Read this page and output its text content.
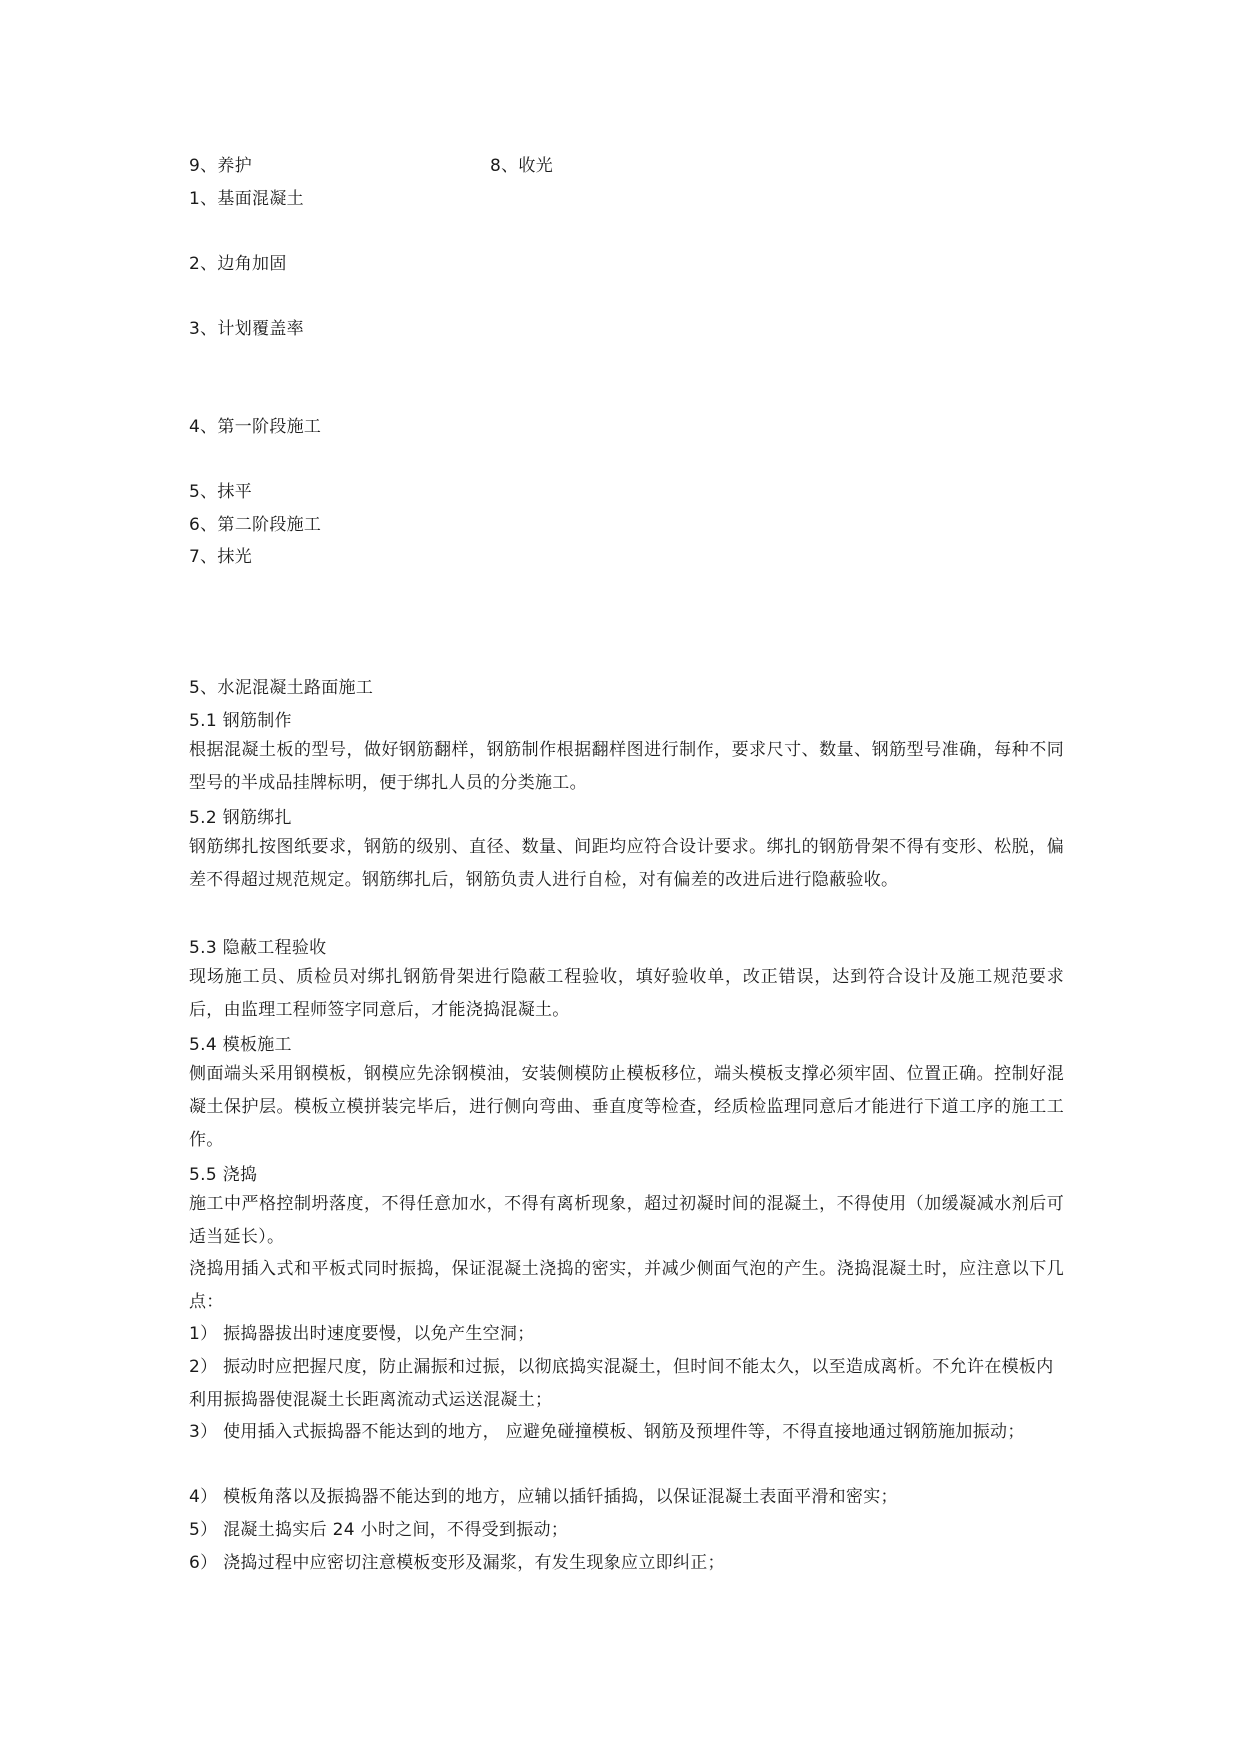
9、养护	8、收光
1、基面混凝土
2、边角加固
3、计划覆盖率
4、第一阶段施工
5、抹平
6、第二阶段施工
7、抹光
5、水泥混凝土路面施工
5.1 钢筋制作
根据混凝土板的型号，做好钢筋翻样，钢筋制作根据翻样图进行制作，要求尺寸、数量、钢筋型号准确，每种不同型号的半成品挂牌标明，便于绑扎人员的分类施工。
5.2 钢筋绑扎
钢筋绑扎按图纸要求，钢筋的级别、直径、数量、间距均应符合设计要求。绑扎的钢筋骨架不得有变形、松脱，偏差不得超过规范规定。钢筋绑扎后，钢筋负责人进行自检，对有偏差的改进后进行隐蔽验收。
5.3 隐蔽工程验收
现场施工员、质检员对绑扎钢筋骨架进行隐蔽工程验收，填好验收单，改正错误，达到符合设计及施工规范要求后，由监理工程师签字同意后，才能浇捣混凝土。
5.4 模板施工
侧面端头采用钢模板，钢模应先涂钢模油，安装侧模防止模板移位，端头模板支撑必须牢固、位置正确。控制好混凝土保护层。模板立模拼装完毕后，进行侧向弯曲、垂直度等检查，经质检监理同意后才能进行下道工序的施工工作。
5.5 浇捣
施工中严格控制坍落度，不得任意加水，不得有离析现象，超过初凝时间的混凝土，不得使用（加缓凝减水剂后可适当延长）。
浇捣用插入式和平板式同时振捣，保证混凝土浇捣的密实，并减少侧面气泡的产生。浇捣混凝土时，应注意以下几点：
1） 振捣器拔出时速度要慢，以免产生空洞；
2） 振动时应把握尺度，防止漏振和过振，以彻底捣实混凝土，但时间不能太久，以至造成离析。不允许在模板内利用振捣器使混凝土长距离流动式运送混凝土；
3） 使用插入式振捣器不能达到的地方， 应避免碰撞模板、钢筋及预埋件等，不得直接地通过钢筋施加振动；
4） 模板角落以及振捣器不能达到的地方，应辅以插钎插捣，以保证混凝土表面平滑和密实；
5） 混凝土捣实后 24 小时之间，不得受到振动；
6） 浇捣过程中应密切注意模板变形及漏浆，有发生现象应立即纠正；
